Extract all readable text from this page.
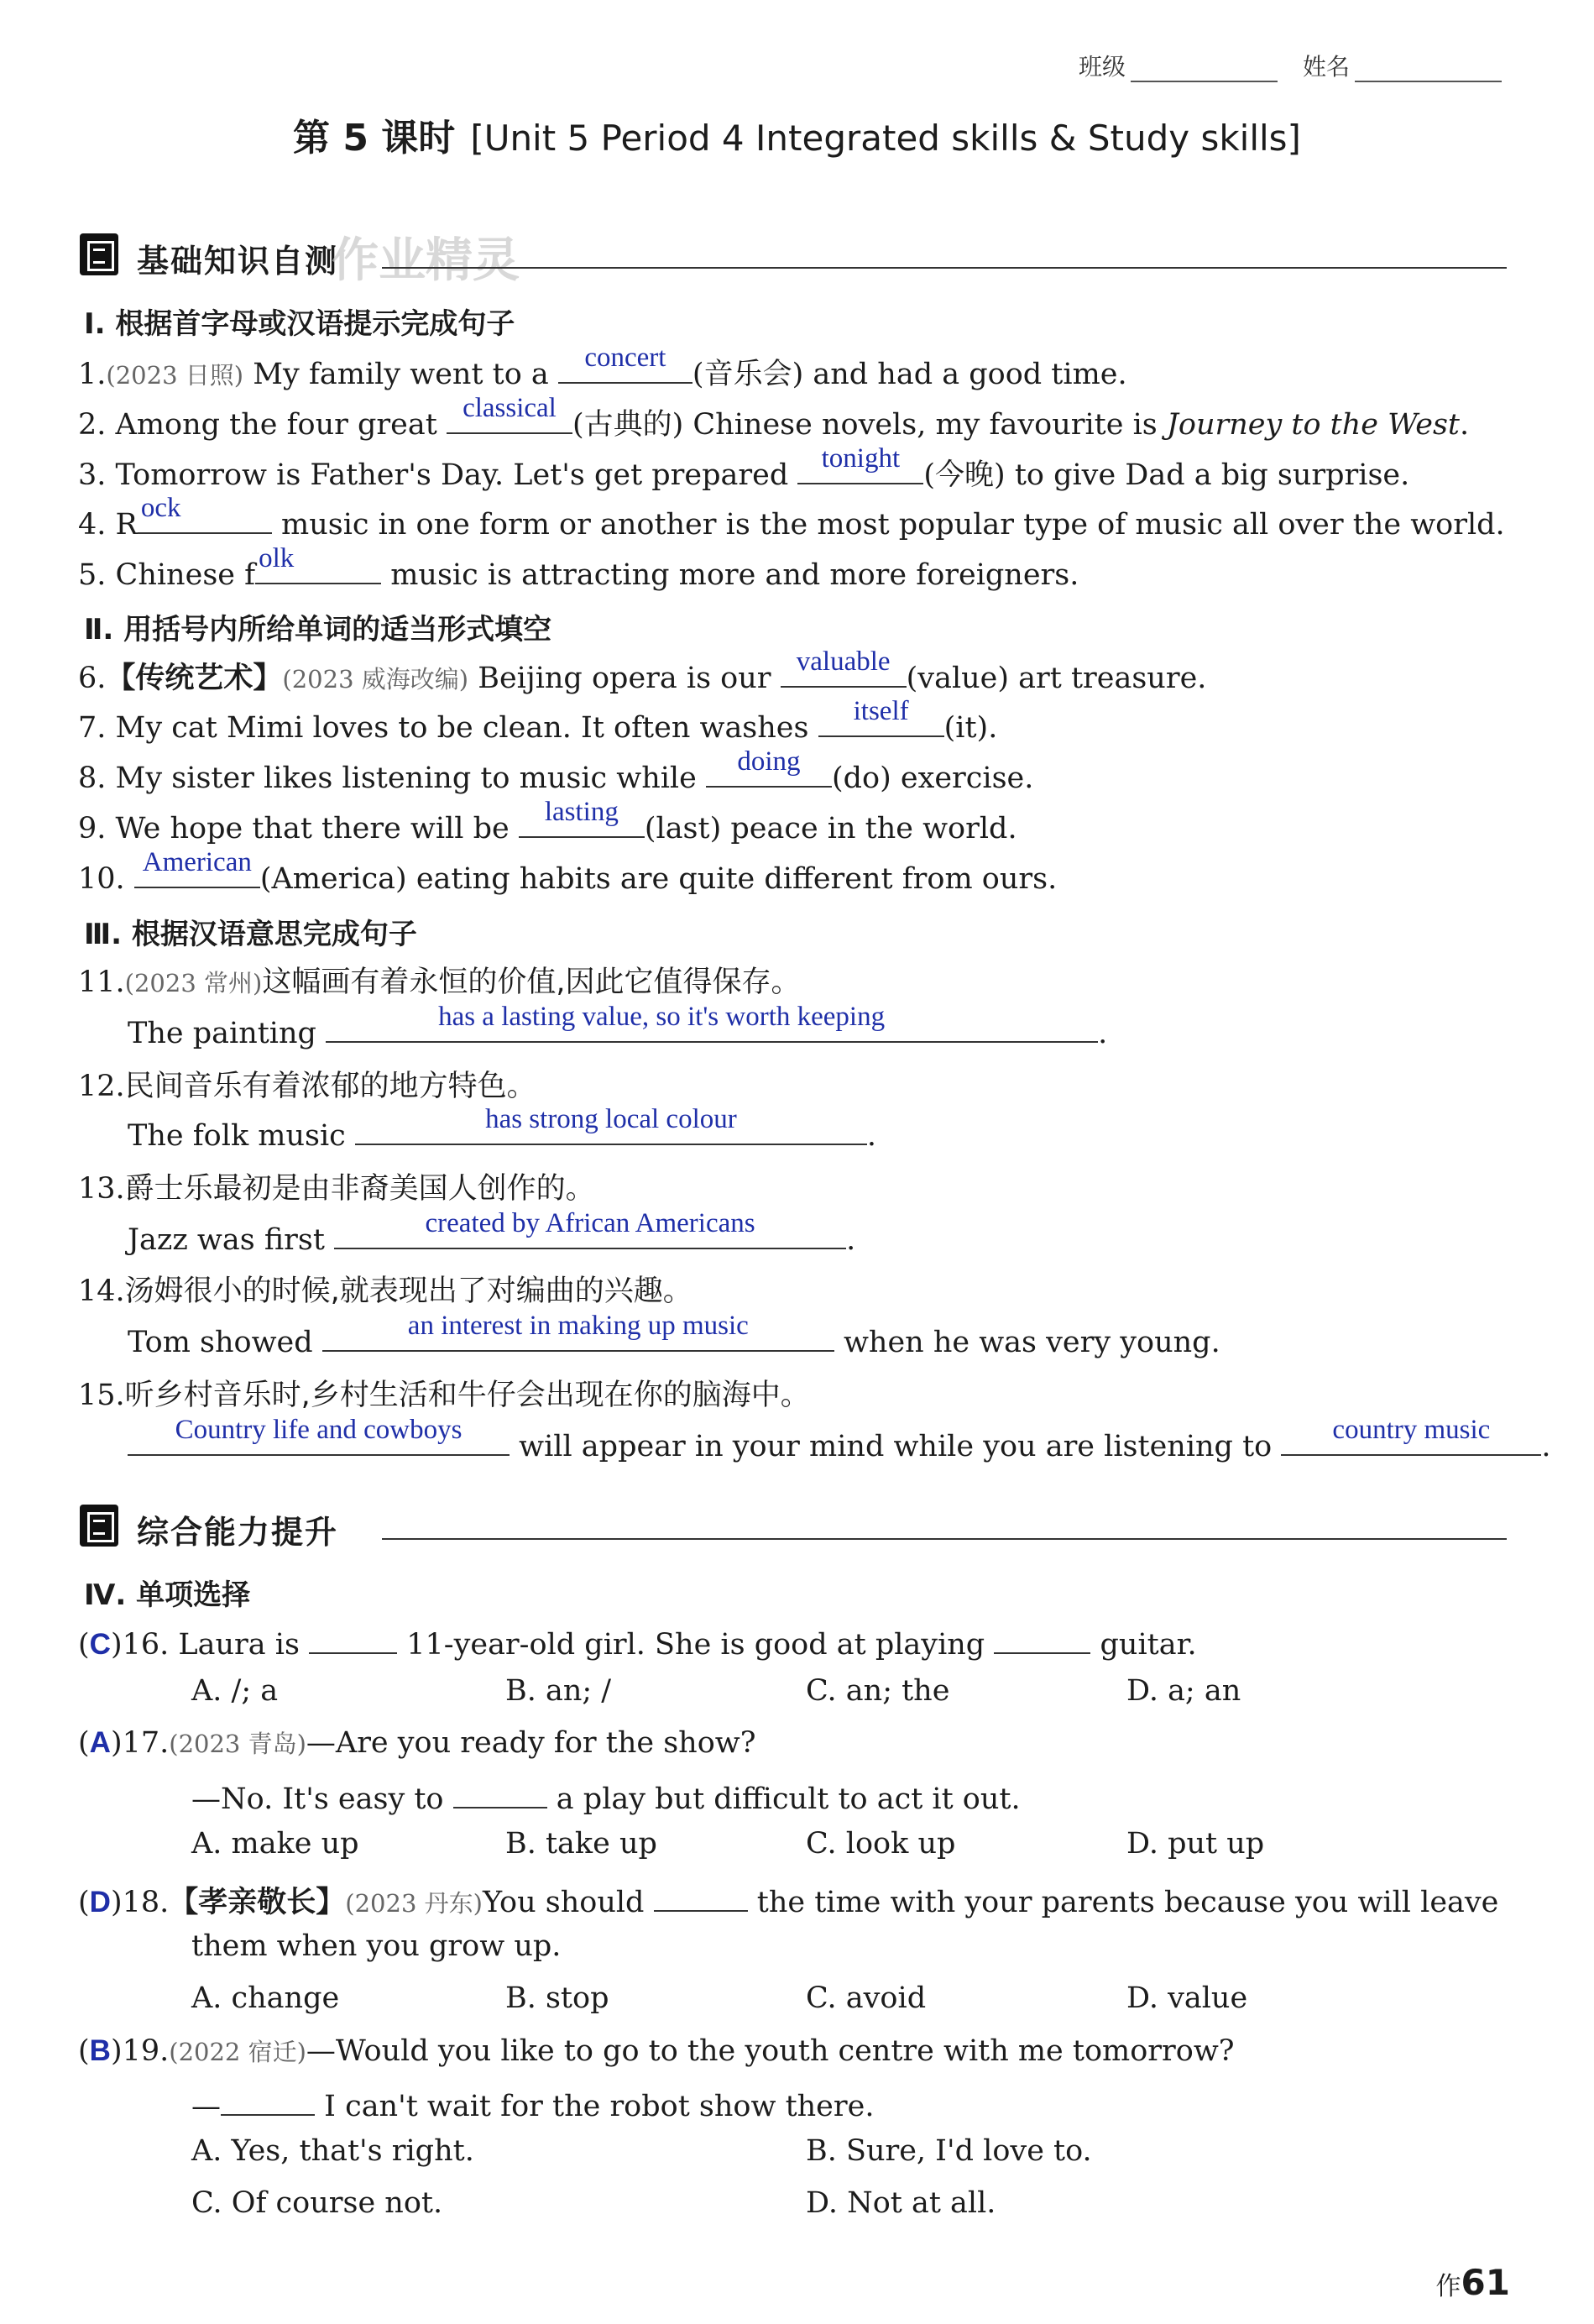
班级	姓名
第 5 课时 [Unit 5 Period 4 Integrated skills & Study skills]
基础知识自测
作业精灵
Ⅰ. 根据首字母或汉语提示完成句子
1.(2023 日照) My family went to a	concert (音乐会) and had a good time.
2. Among the four great classical (古典的) Chinese novels, my favourite is Journey to the West.
3. Tomorrow is Father's Day. Let's get prepared	tonight (今晚) to give Dad a big surprise.
4. R ock	music in one form or another is the most popular type of music all over the world.
5. Chinese f olk	music is attracting more and more foreigners.
Ⅱ. 用括号内所给单词的适当形式填空
6.【传统艺术】(2023 威海改编) Beijing opera is our valuable (value) art treasure.
7. My cat Mimi loves to be clean. It often washes	itself	(it).
8. My sister likes listening to music while	doing	(do) exercise.
9. We hope that there will be	lasting (last) peace in the world.
10. American (America) eating habits are quite different from ours.
Ⅲ. 根据汉语意思完成句子
11.(2023 常州)这幅画有着永恒的价值,因此它值得保存。
The painting	has a lasting value, so it's worth keeping	.
12.民间音乐有着浓郁的地方特色。
The folk music	has strong local colour	.
13.爵士乐最初是由非裔美国人创作的。
Jazz was first	created by African Americans	.
14.汤姆很小的时候,就表现出了对编曲的兴趣。
Tom showed	an interest in making up music	when he was very young.
15.听乡村音乐时,乡村生活和牛仔会出现在你的脑海中。
Country life and cowboys	will appear in your mind while you are listening to	country music	.
综合能力提升
Ⅳ. 单项选择
(C)16. Laura is	11-year-old girl. She is good at playing	guitar.
A. /; a	B. an; /	C. an; the	D. a; an
(A)17.(2023 青岛)—Are you ready for the show?
—No. It's easy to	a play but difficult to act it out.
A. make up	B. take up	C. look up	D. put up
(D)18.【孝亲敬长】(2023 丹东)You should	the time with your parents because you will leave
them when you grow up.
A. change	B. stop	C. avoid	D. value
(B)19.(2022 宿迁)—Would you like to go to the youth centre with me tomorrow?
—	I can't wait for the robot show there.
A. Yes, that's right.	B. Sure, I'd love to.
C. Of course not.	D. Not at all.
作61
